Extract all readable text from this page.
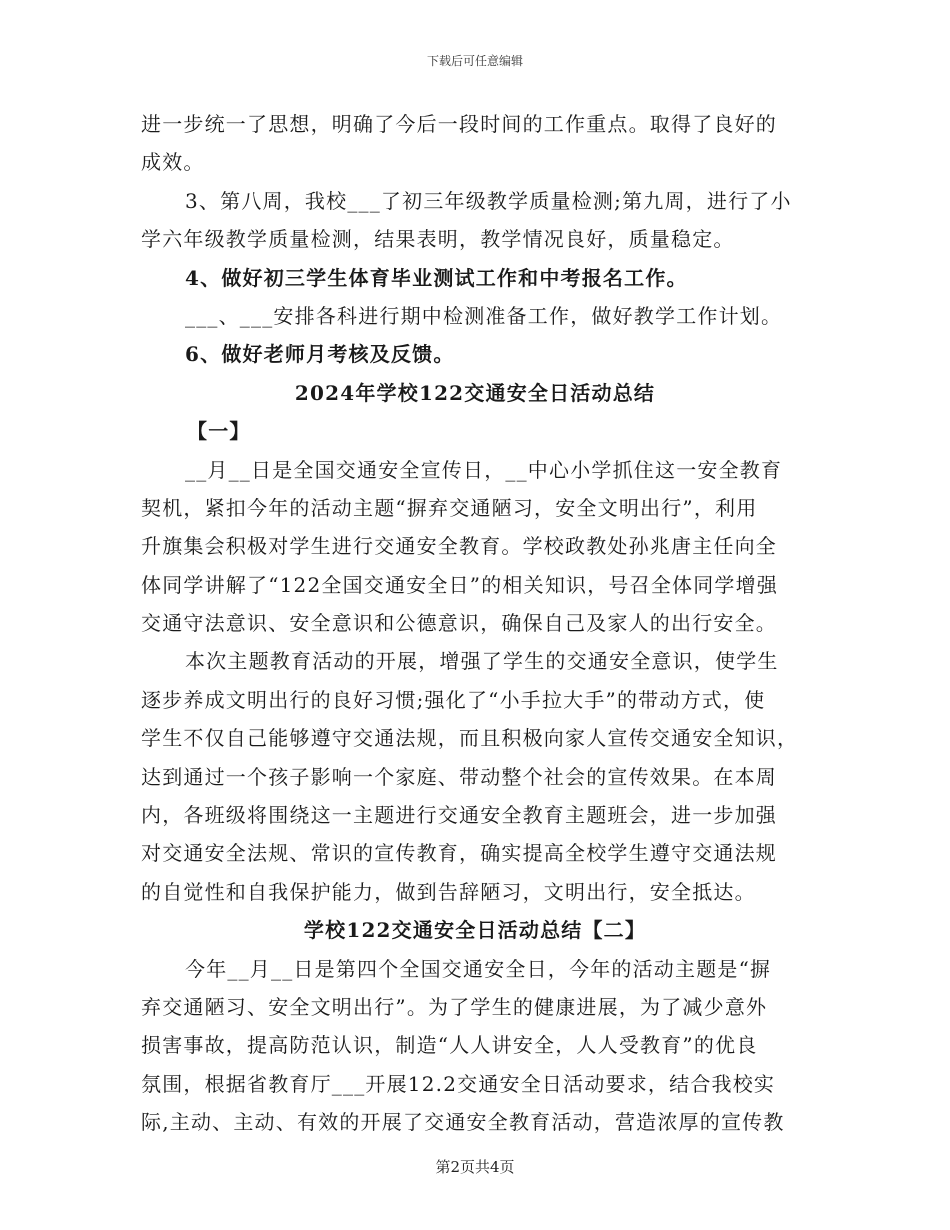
下载后可任意编辑
进一步统一了思想，明确了今后一段时间的工作重点。取得了良好的
成效。
3、第八周，我校___了初三年级教学质量检测;第九周，进行了小
学六年级教学质量检测，结果表明，教学情况良好，质量稳定。
4、做好初三学生体育毕业测试工作和中考报名工作。
___、___安排各科进行期中检测准备工作，做好教学工作计划。
6、做好老师月考核及反馈。
2024年学校122交通安全日活动总结
【一】
__月__日是全国交通安全宣传日，__中心小学抓住这一安全教育
契机，紧扣今年的活动主题“摒弃交通陋习，安全文明出行”，利用
升旗集会积极对学生进行交通安全教育。学校政教处孙兆唐主任向全
体同学讲解了“122全国交通安全日”的相关知识，号召全体同学增强
交通守法意识、安全意识和公德意识，确保自己及家人的出行安全。
本次主题教育活动的开展，增强了学生的交通安全意识，使学生
逐步养成文明出行的良好习惯;强化了“小手拉大手”的带动方式，使
学生不仅自己能够遵守交通法规，而且积极向家人宣传交通安全知识，
达到通过一个孩子影响一个家庭、带动整个社会的宣传效果。在本周
内，各班级将围绕这一主题进行交通安全教育主题班会，进一步加强
对交通安全法规、常识的宣传教育，确实提高全校学生遵守交通法规
的自觉性和自我保护能力，做到告辞陋习，文明出行，安全抵达。
学校122交通安全日活动总结【二】
今年__月__日是第四个全国交通安全日，今年的活动主题是“摒
弃交通陋习、安全文明出行”。为了学生的健康进展，为了减少意外
损害事故，提高防范认识，制造“人人讲安全，人人受教育”的优良
氛围，根据省教育厅___开展12.2交通安全日活动要求，结合我校实
际,主动、主动、有效的开展了交通安全教育活动，营造浓厚的宣传教
第2页共4页
